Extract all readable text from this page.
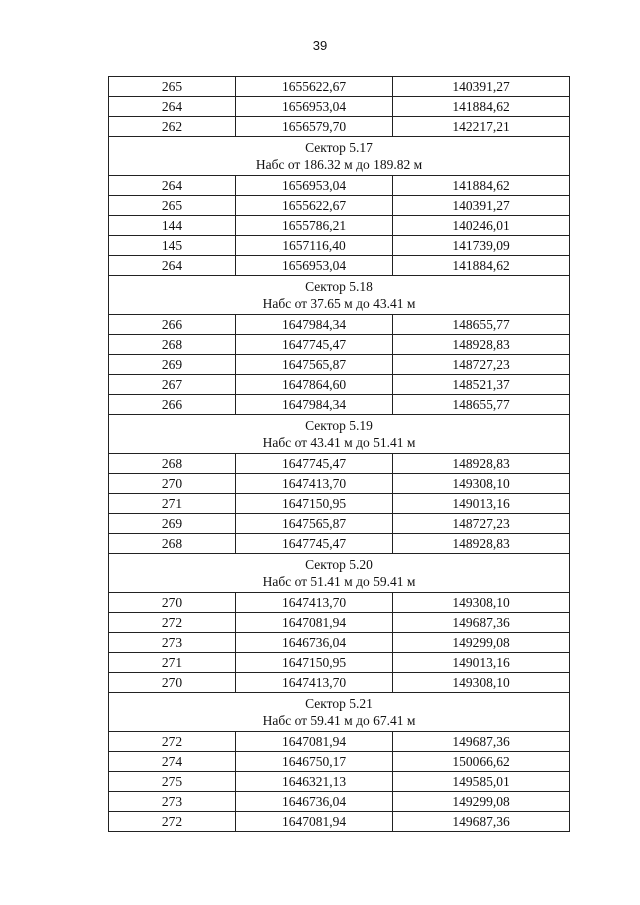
39
265	1655622,67	140391,27
264	1656953,04	141884,62
262	1656579,70	142217,21

Сектор 5.17
Набс от 186.32 м до 189.82 м		

264	1656953,04	141884,62
265	1655622,67	140391,27
144	1655786,21	140246,01
145	1657116,40	141739,09
264	1656953,04	141884,62

Сектор 5.18
Набс от 37.65 м до 43.41 м		

266	1647984,34	148655,77
268	1647745,47	148928,83
269	1647565,87	148727,23
267	1647864,60	148521,37
266	1647984,34	148655,77

Сектор 5.19
Набс от 43.41 м до 51.41 м		

268	1647745,47	148928,83
270	1647413,70	149308,10
271	1647150,95	149013,16
269	1647565,87	148727,23
268	1647745,47	148928,83

Сектор 5.20
Набс от 51.41 м до 59.41 м		

270	1647413,70	149308,10
272	1647081,94	149687,36
273	1646736,04	149299,08
271	1647150,95	149013,16
270	1647413,70	149308,10

Сектор 5.21
Набс от 59.41 м до 67.41 м		

272	1647081,94	149687,36
274	1646750,17	150066,62
275	1646321,13	149585,01
273	1646736,04	149299,08
272	1647081,94	149687,36
